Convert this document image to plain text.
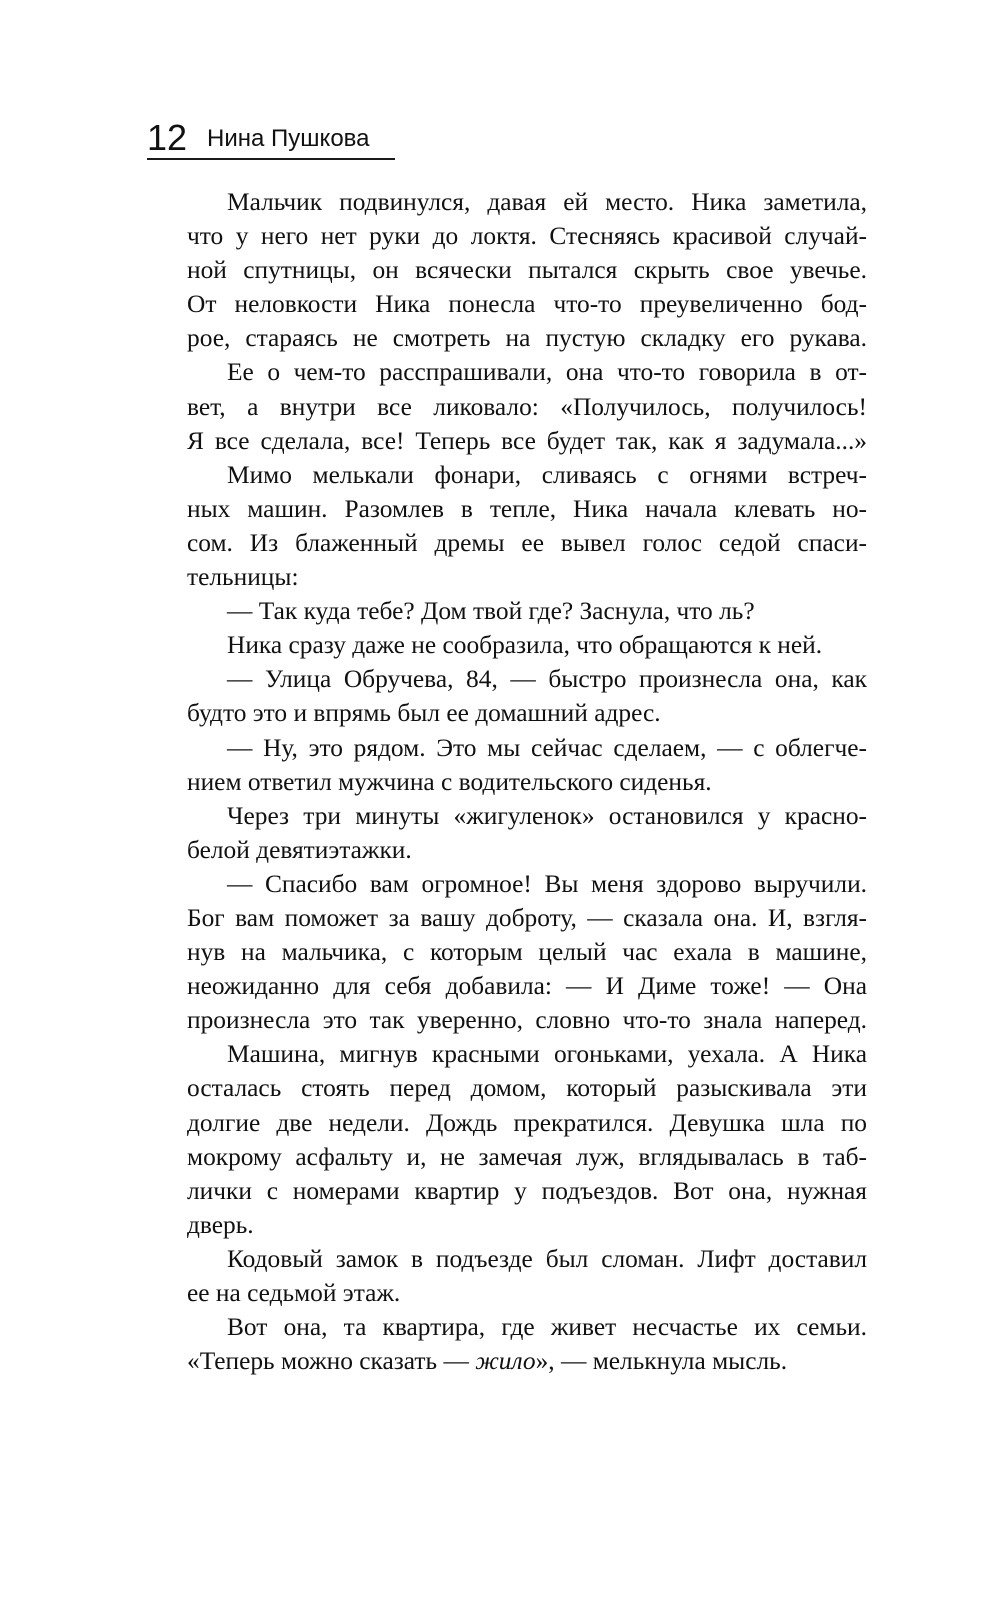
12 Нина Пушкова

Мальчик подвинулся, давая ей место. Ника заметила,
что у него нет руки до локтя. Стесняясь красивой случай-
ной спутницы, он всячески пытался скрыть свое увечье.
От неловкости Ника понесла что-то преувеличенно бод-
рое, стараясь не смотреть на пустую складку его рукава.

Ее о чем-то расспрашивали, она что-то говорила в от-
вет, а внутри все ликовало: «Получилось, получилось!
Я все сделала, все! Теперь все будет так, как я задумала...»

Мимо мелькали фонари, сливаясь с огнями встреч-
ных машин. Разомлев в тепле, Ника начала клевать но-
сом. Из блаженный дремы ее вывел голос седой спаси-
тельницы:

— Так куда тебе? Дом твой где? Заснула, что ль?

Ника сразу даже не сообразила, что обращаются к ней.

— Улица Обручева, 84, — быстро произнесла она, как
будто это и впрямь был ее домашний адрес.

— Ну, это рядом. Это мы сейчас сделаем, — с облегче-
нием ответил мужчина с водительского сиденья.

Через три минуты «жигуленок» остановился у красно-
белой девятиэтажки.

— Спасибо вам огромное! Вы меня здорово выручили.
Бог вам поможет за вашу доброту, — сказала она. И, взгля-
нув на мальчика, с которым целый час ехала в машине,
неожиданно для себя добавила: — И Диме тоже! — Она
произнесла это так уверенно, словно что-то знала наперед.

Машина, мигнув красными огоньками, уехала. А Ника
осталась стоять перед домом, который разыскивала эти
долгие две недели. Дождь прекратился. Девушка шла по
мокрому асфальту и, не замечая луж, вглядывалась в таб-
лички с номерами квартир у подъездов. Вот она, нужная
дверь.

Кодовый замок в подъезде был сломан. Лифт доставил
ее на седьмой этаж.

Вот она, та квартира, где живет несчастье их семьи.
«Теперь можно сказать — жило», — мелькнула мысль.
